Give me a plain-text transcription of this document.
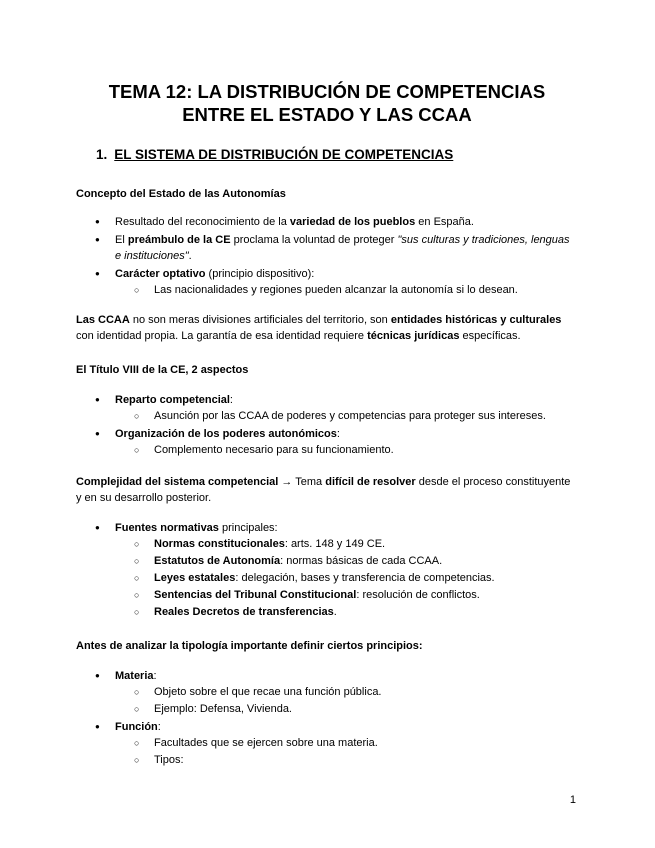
TEMA 12: LA DISTRIBUCIÓN DE COMPETENCIAS
ENTRE EL ESTADO Y LAS CCAA
1. EL SISTEMA DE DISTRIBUCIÓN DE COMPETENCIAS

Concepto del Estado de las Autonomías

● Resultado del reconocimiento de la variedad de los pueblos en España.
● El preámbulo de la CE proclama la voluntad de proteger "sus culturas y tradiciones, lenguas e instituciones".
● Carácter optativo (principio dispositivo):
○ Las nacionalidades y regiones pueden alcanzar la autonomía si lo desean.

Las CCAA no son meras divisiones artificiales del territorio, son entidades históricas y culturales con identidad propia. La garantía de esa identidad requiere técnicas jurídicas específicas.

El Título VIII de la CE, 2 aspectos

● Reparto competencial:
○ Asunción por las CCAA de poderes y competencias para proteger sus intereses.
● Organización de los poderes autonómicos:
○ Complemento necesario para su funcionamiento.

Complejidad del sistema competencial → Tema difícil de resolver desde el proceso constituyente y en su desarrollo posterior.

● Fuentes normativas principales:
○ Normas constitucionales: arts. 148 y 149 CE.
○ Estatutos de Autonomía: normas básicas de cada CCAA.
○ Leyes estatales: delegación, bases y transferencia de competencias.
○ Sentencias del Tribunal Constitucional: resolución de conflictos.
○ Reales Decretos de transferencias.

Antes de analizar la tipología importante definir ciertos principios:

● Materia:
○ Objeto sobre el que recae una función pública.
○ Ejemplo: Defensa, Vivienda.
● Función:
○ Facultades que se ejercen sobre una materia.
○ Tipos:
1
